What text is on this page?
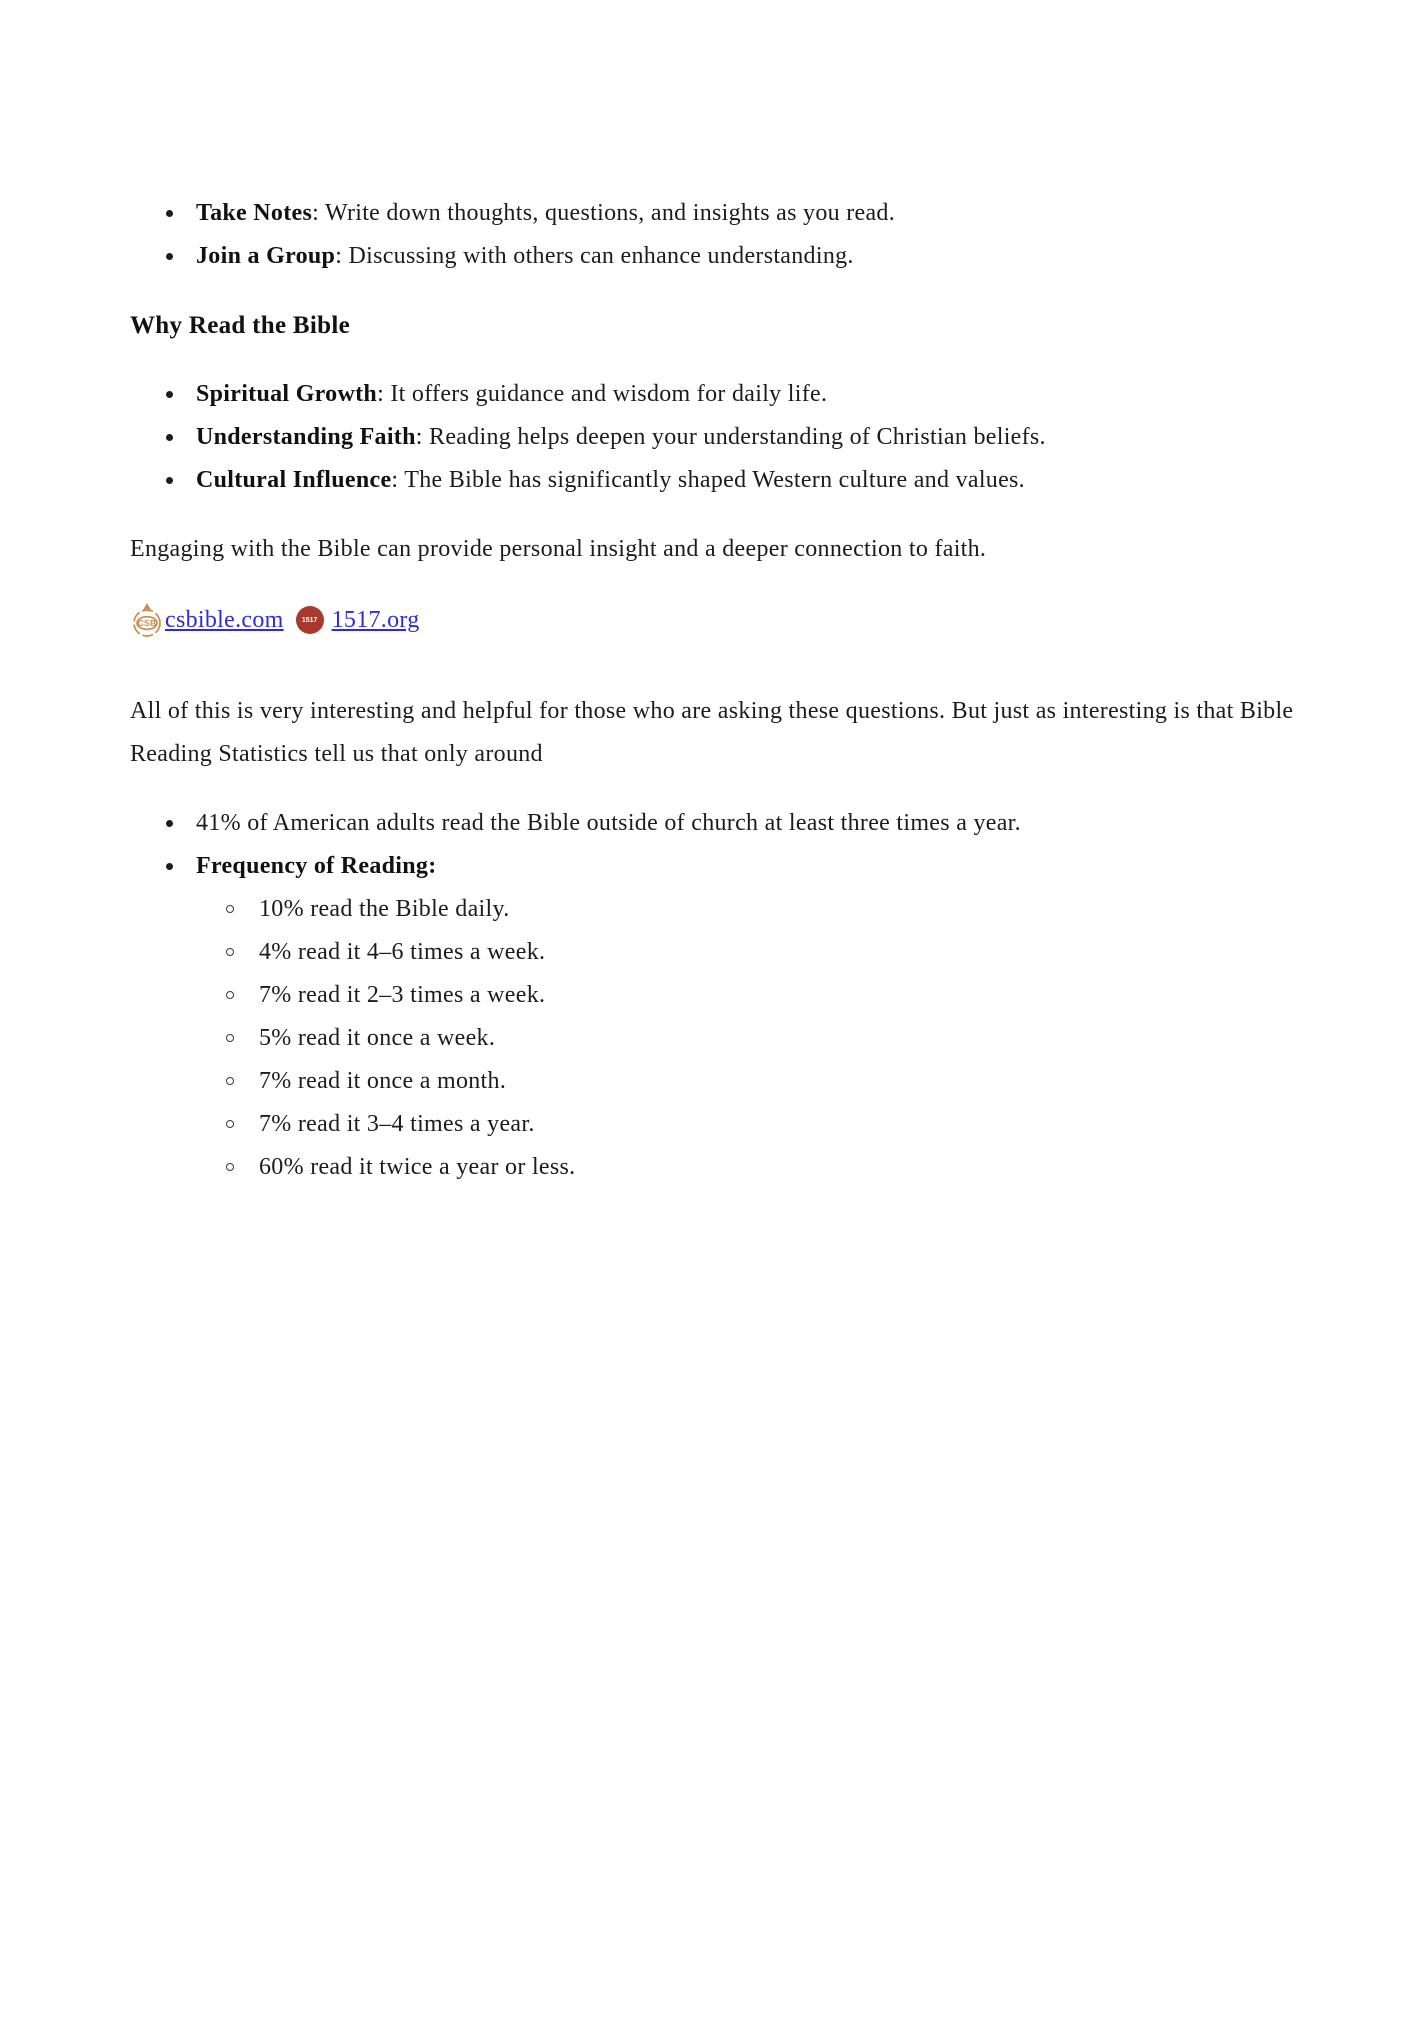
Take Notes: Write down thoughts, questions, and insights as you read.
Join a Group: Discussing with others can enhance understanding.
Why Read the Bible
Spiritual Growth: It offers guidance and wisdom for daily life.
Understanding Faith: Reading helps deepen your understanding of Christian beliefs.
Cultural Influence: The Bible has significantly shaped Western culture and values.

Engaging with the Bible can provide personal insight and a deeper connection to faith.

CSB csbible.com	1517 1517.org

All of this is very interesting and helpful for those who are asking these questions. But just as interesting is that Bible Reading Statistics tell us that only around

41% of American adults read the Bible outside of church at least three times a year.
Frequency of Reading:
10% read the Bible daily.
4% read it 4–6 times a week.
7% read it 2–3 times a week.
5% read it once a week.
7% read it once a month.
7% read it 3–4 times a year.
60% read it twice a year or less.
